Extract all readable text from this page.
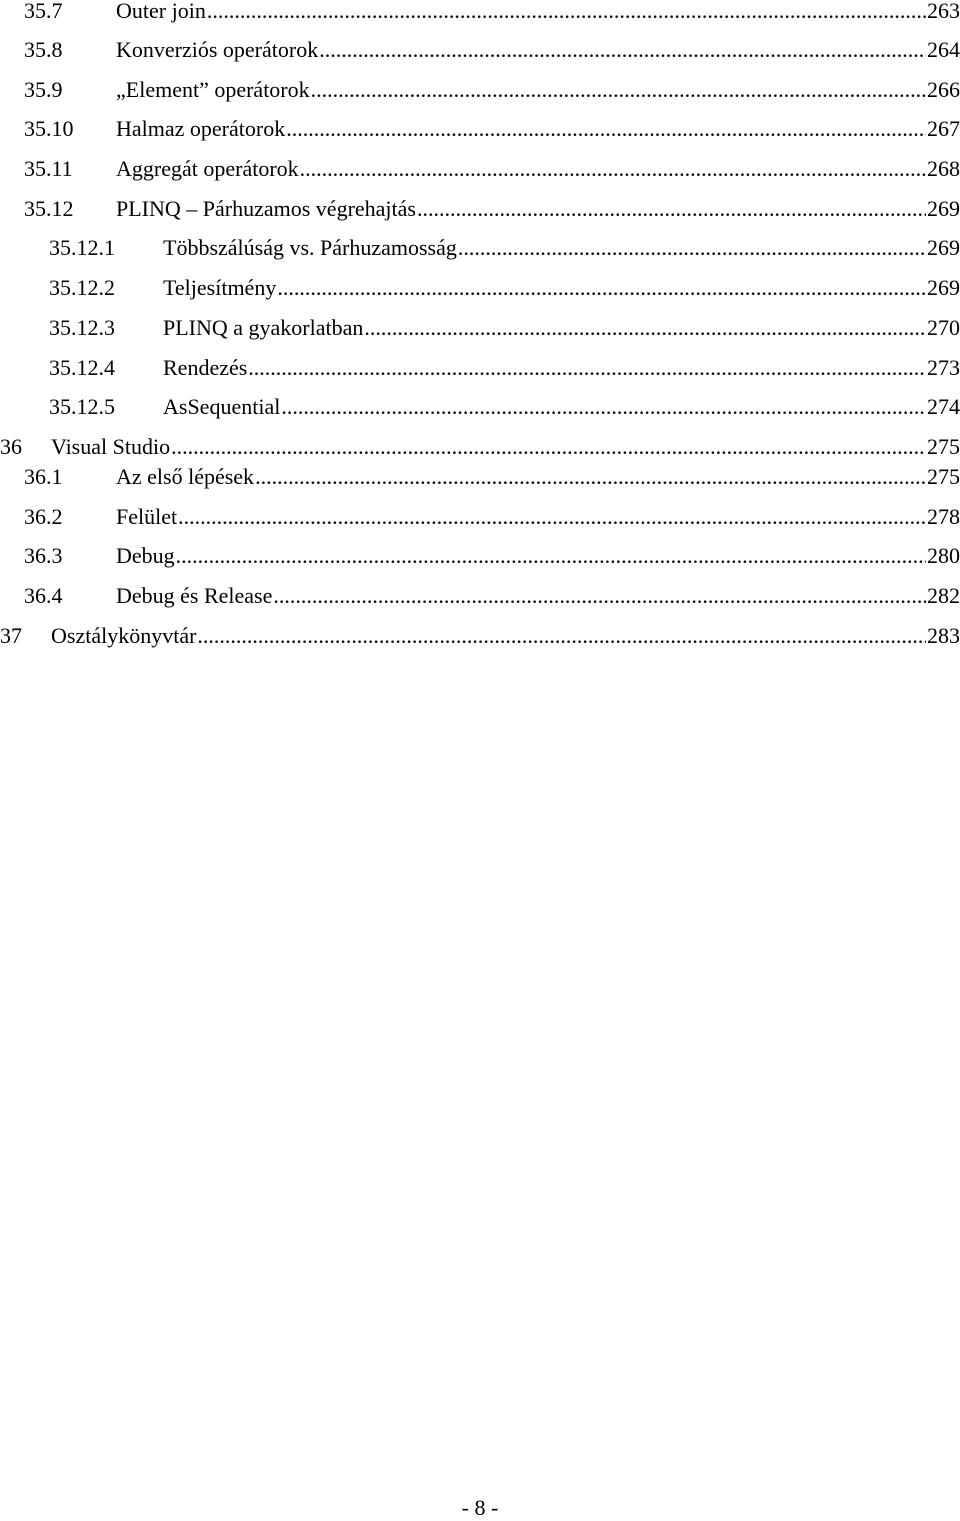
35.7	Outer join .....	263
35.8	Konverziós operátorok .....	264
35.9	„Element” operátorok .....	266
35.10	Halmaz operátorok .....	267
35.11	Aggregát operátorok .....	268
35.12	PLINQ – Párhuzamos végrehajtás .....	269
35.12.1	Többszálúság vs. Párhuzamosság .....	269
35.12.2	Teljesítmény .....	269
35.12.3	PLINQ a gyakorlatban .....	270
35.12.4	Rendezés .....	273
35.12.5	AsSequential .....	274
36	Visual Studio .....	275
36.1	Az első lépések .....	275
36.2	Felület .....	278
36.3	Debug .....	280
36.4	Debug és Release .....	282
37	Osztálykönyvtár .....	283
- 8 -
